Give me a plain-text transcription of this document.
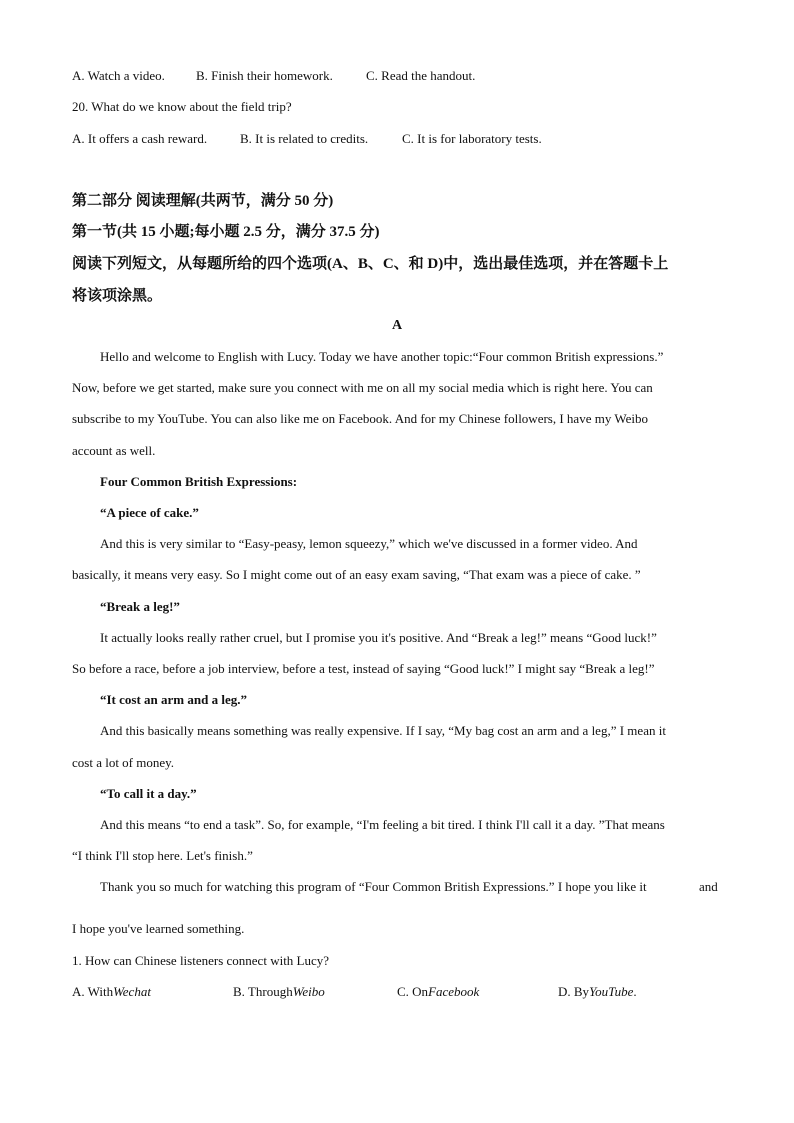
A. Watch a video. B. Finish their homework.	C. Read the handout.
20. What do we know about the field trip?
A. It offers a cash reward.	B. It is related to credits.	C. It is for laboratory tests.
第二部分 阅读理解(共两节，满分 50 分)
第一节(共 15 小题;每小题 2.5 分，满分 37.5 分)
阅读下列短文，从每题所给的四个选项(A、B、C、和 D)中，选出最佳选项，并在答题卡上
将该项涂黑。
A
Hello and welcome to English with Lucy. Today we have another topic:“Four common British expressions.”
Now, before we get started, make sure you connect with me on all my social media which is right here. You can
subscribe to my YouTube. You can also like me on Facebook. And for my Chinese followers, I have my Weibo
account as well.
Four Common British Expressions:
“A piece of cake.”
And this is very similar to “Easy-peasy, lemon squeezy,” which we've discussed in a former video. And
basically, it means very easy. So I might come out of an easy exam saving, “That exam was a piece of cake. ”
“Break a leg!”
It actually looks really rather cruel, but I promise you it's positive. And “Break a leg!” means “Good luck!”
So before a race, before a job interview, before a test, instead of saying “Good luck!” I might say “Break a leg!”
“It cost an arm and a leg.”
And this basically means something was really expensive. If I say, “My bag cost an arm and a leg,” I mean it
cost a lot of money.
“To call it a day.”
And this means “to end a task”. So, for example, “I'm feeling a bit tired. I think I'll call it a day. ”That means
“I think I'll stop here. Let's finish.”
Thank you so much for watching this program of “Four Common British Expressions.” I hope you like it	and
I hope you've learned something.
1. How can Chinese listeners connect with Lucy?
A. WithWechat	B. ThroughWeibo	C. OnFacebook	D. ByYouTube.
